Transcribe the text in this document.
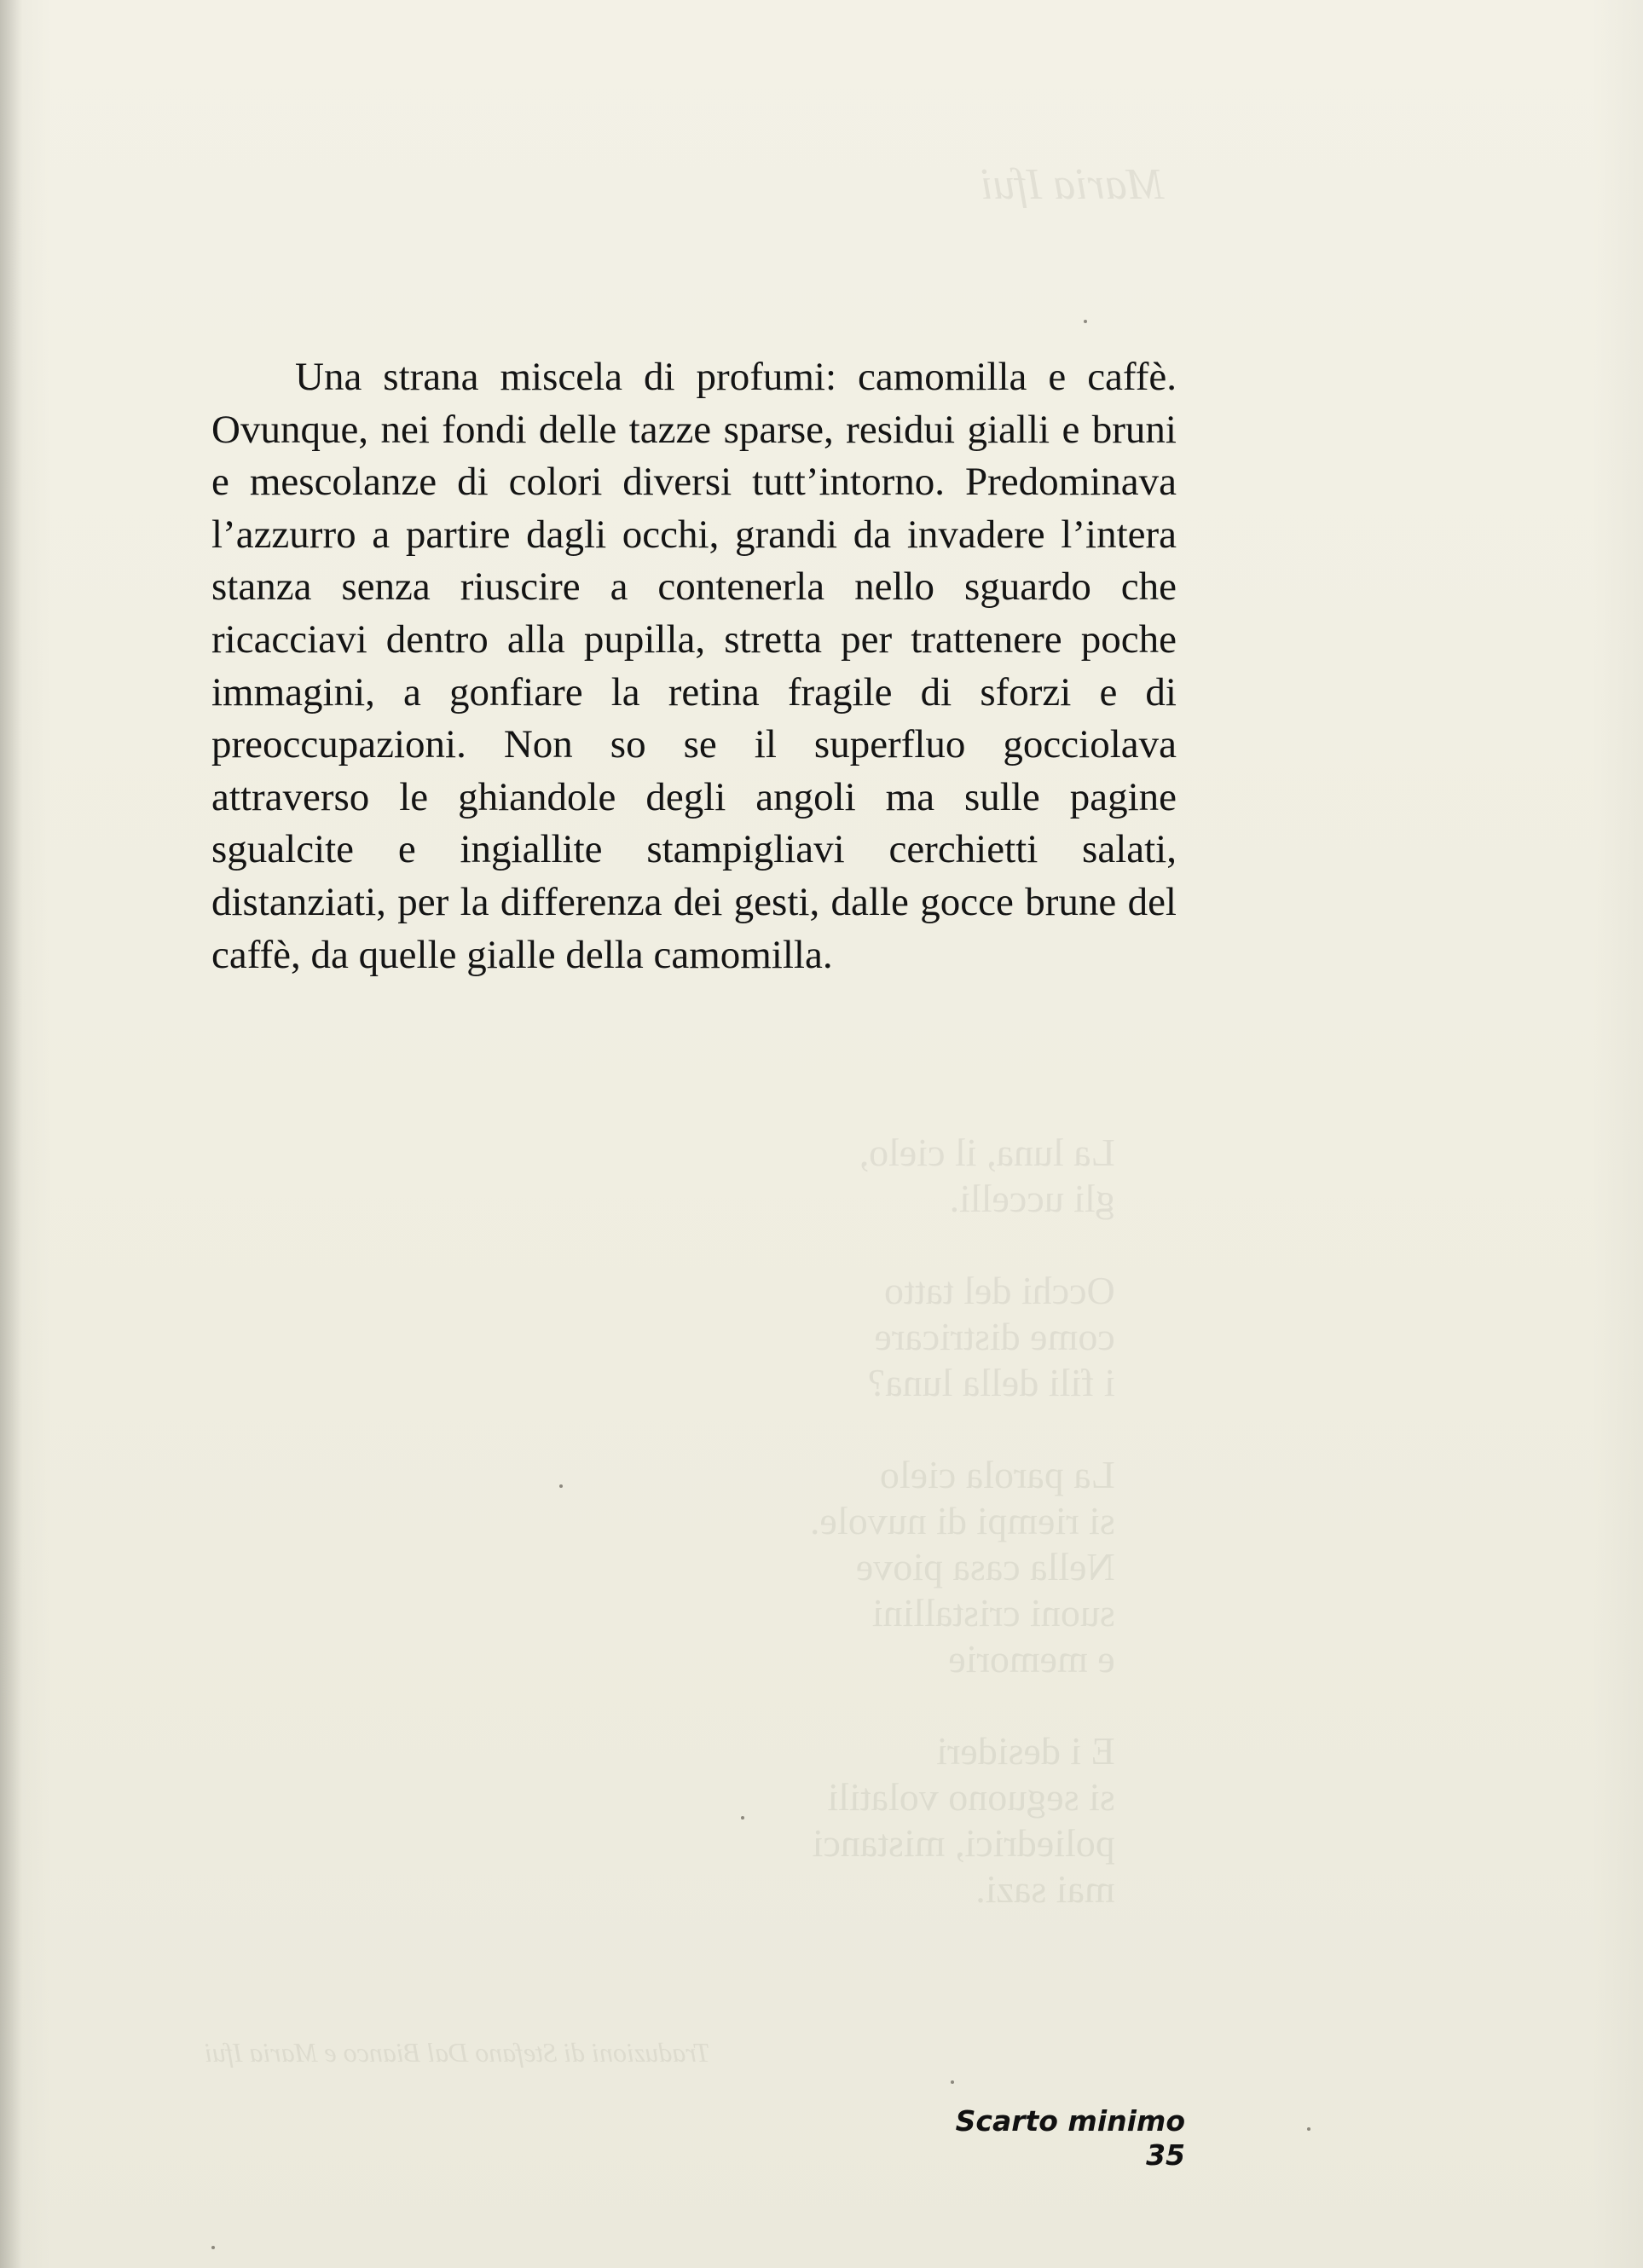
Maria Ifui
La luna, il cielo,
gli uccelli.

Occhi del tatto
come districare
i fili della luna?

La parola cielo
si riempi di nuvole.
Nella casa piove
suoni cristallini
e memorie

E i desideri
si seguono volatili
poliedrici, mistanci
mai sazi.
Traduzioni di Stefano Dal Bianco e Maria Ifui

Una strana miscela di profumi: camomilla e caffè. Ovunque, nei fondi delle tazze sparse, residui gialli e bruni e mescolanze di colori diversi tutt’intorno. Predominava l’azzurro a partire dagli occhi, grandi da invadere l’intera stanza senza riuscire a contenerla nello sguardo che ricacciavi dentro alla pupilla, stretta per trattenere poche immagini, a gonfiare la retina fragile di sforzi e di preoccupazioni. Non so se il superfluo gocciolava attraverso le ghiandole degli angoli ma sulle pagine sgualcite e ingiallite stampigliavi cerchietti salati, distanziati, per la differenza dei gesti, dalle gocce brune del caffè, da quelle gialle della camomilla.

Scarto minimo 35
